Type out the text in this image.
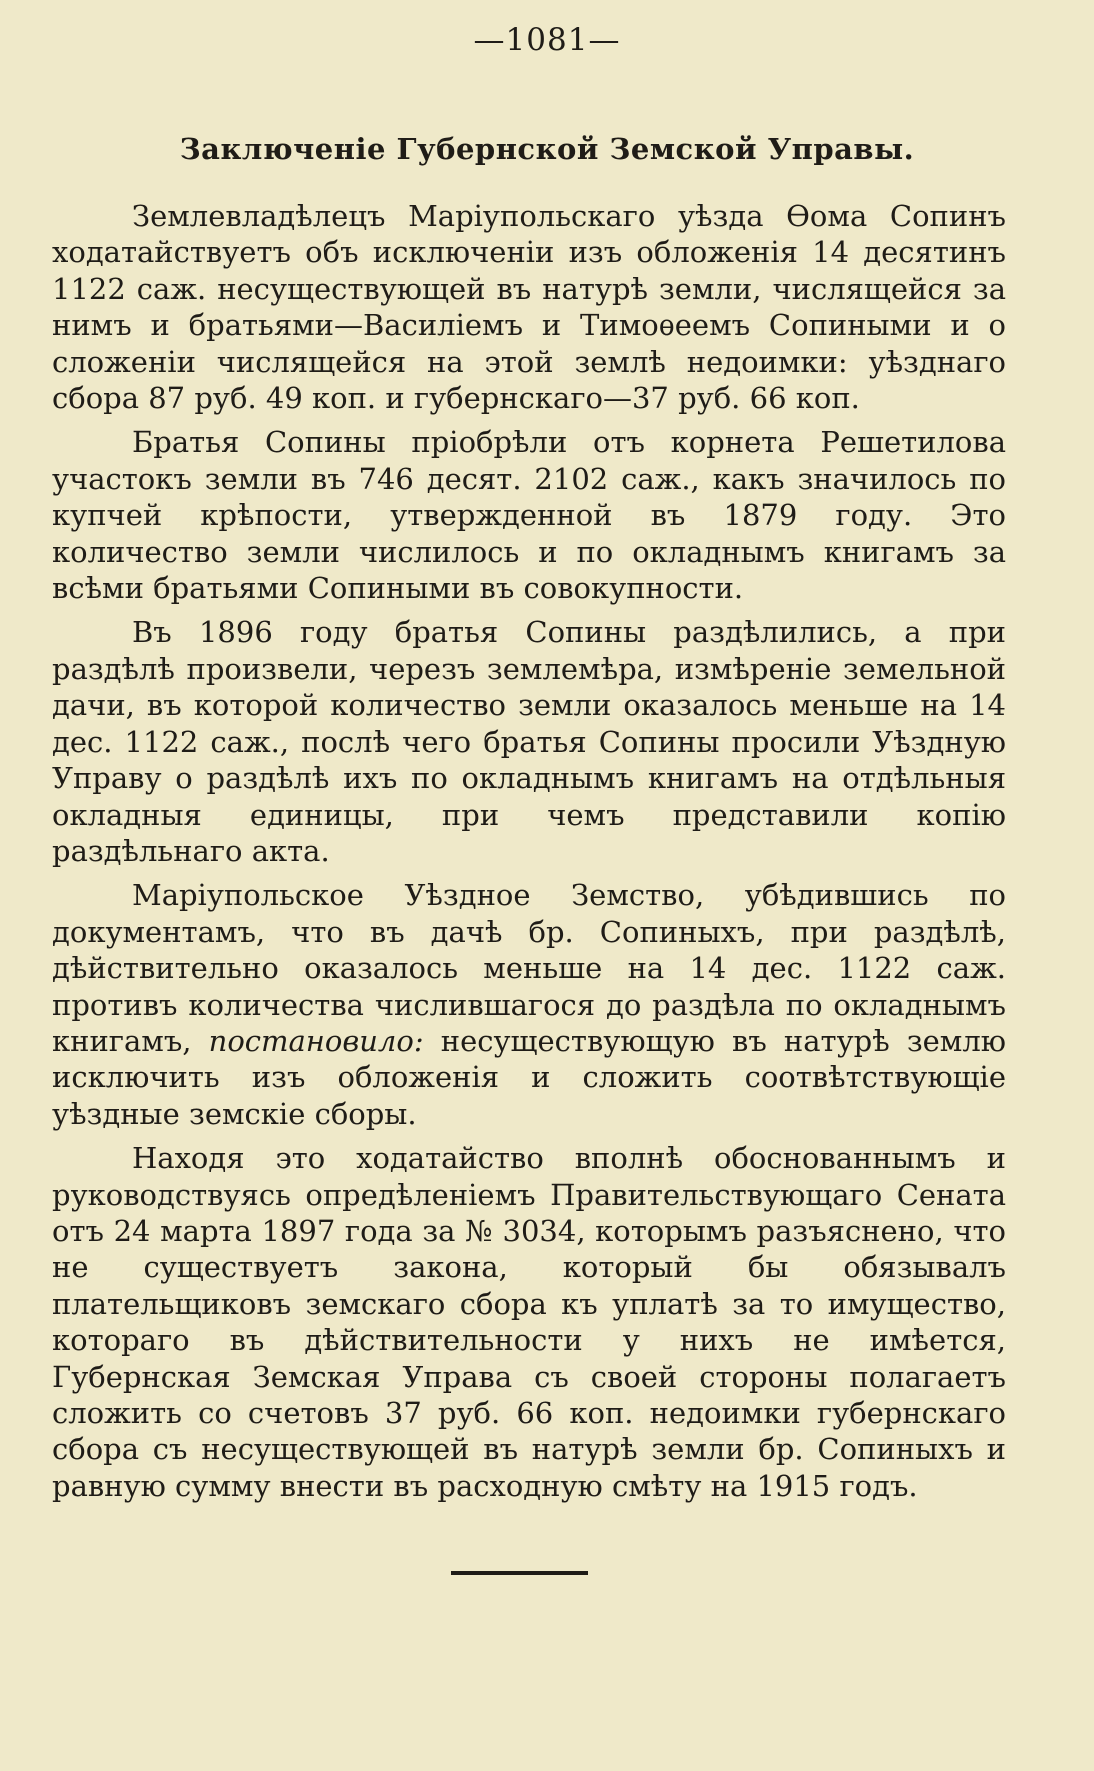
—1081—
Заключенiе Губернской Земской Управы.

Землевладѣлецъ Марiупольскаго уѣзда Ѳома Сопинъ ходатайствуетъ объ исключенiи изъ обложенiя 14 десятинъ 1122 саж. несуществующей въ натурѣ земли, числящейся за нимъ и братьями—Василiемъ и Тимоѳеемъ Сопиными и о сложенiи числящейся на этой землѣ недоимки: уѣзднаго сбора 87 руб. 49 коп. и губернскаго—37 руб. 66 коп.

Братья Сопины прiобрѣли отъ корнета Решетилова участокъ земли въ 746 десят. 2102 саж., какъ значилось по купчей крѣпости, утвержденной въ 1879 году. Это количество земли числилось и по окладнымъ книгамъ за всѣми братьями Сопиными въ совокупности.

Въ 1896 году братья Сопины раздѣлились, а при раздѣлѣ произвели, черезъ землемѣра, измѣренiе земельной дачи, въ которой количество земли оказалось меньше на 14 дес. 1122 саж., послѣ чего братья Сопины просили Уѣздную Управу о раздѣлѣ ихъ по окладнымъ книгамъ на отдѣльныя окладныя единицы, при чемъ представили копiю раздѣльнаго акта.

Марiупольское Уѣздное Земство, убѣдившись по документамъ, что въ дачѣ бр. Сопиныхъ, при раздѣлѣ, дѣйствительно оказалось меньше на 14 дес. 1122 саж. противъ количества числившагося до раздѣла по окладнымъ книгамъ, постановило: несуществующую въ натурѣ землю исключить изъ обложенiя и сложить соотвѣтствующiе уѣздные земскiе сборы.

Находя это ходатайство вполнѣ обоснованнымъ и руководствуясь опредѣленiемъ Правительствующаго Сената отъ 24 марта 1897 года за № 3034, которымъ разъяснено, что не существуетъ закона, который бы обязывалъ плательщиковъ земскаго сбора къ уплатѣ за то имущество, котораго въ дѣйствительности у нихъ не имѣется, Губернская Земская Управа съ своей стороны полагаетъ сложить со счетовъ 37 руб. 66 коп. недоимки губернскаго сбора съ несуществующей въ натурѣ земли бр. Сопиныхъ и равную сумму внести въ расходную смѣту на 1915 годъ.
